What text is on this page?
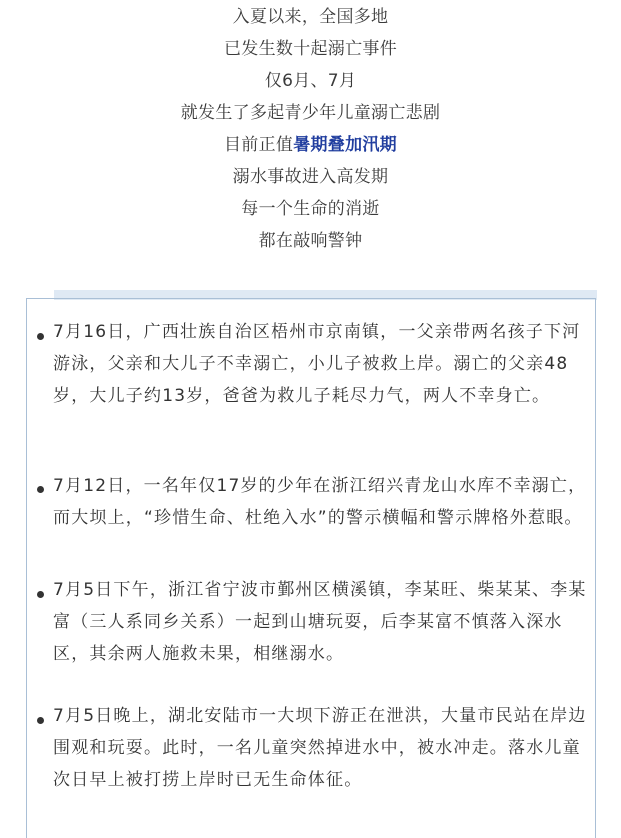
入夏以来，全国多地
已发生数十起溺亡事件
仅6月、7月
就发生了多起青少年儿童溺亡悲剧
目前正值暑期叠加汛期
溺水事故进入高发期
每一个生命的消逝
都在敲响警钟
7月16日，广西壮族自治区梧州市京南镇，一父亲带两名孩子下河游泳，父亲和大儿子不幸溺亡，小儿子被救上岸。溺亡的父亲48岁，大儿子约13岁，爸爸为救儿子耗尽力气，两人不幸身亡。
7月12日，一名年仅17岁的少年在浙江绍兴青龙山水库不幸溺亡，而大坝上，“珍惜生命、杜绝入水”的警示横幅和警示牌格外惹眼。
7月5日下午，浙江省宁波市鄞州区横溪镇，李某旺、柴某某、李某富（三人系同乡关系）一起到山塘玩耍，后李某富不慎落入深水区，其余两人施救未果，相继溺水。
7月5日晚上，湖北安陆市一大坝下游正在泄洪，大量市民站在岸边围观和玩耍。此时，一名儿童突然掉进水中，被水冲走。落水儿童次日早上被打捞上岸时已无生命体征。
